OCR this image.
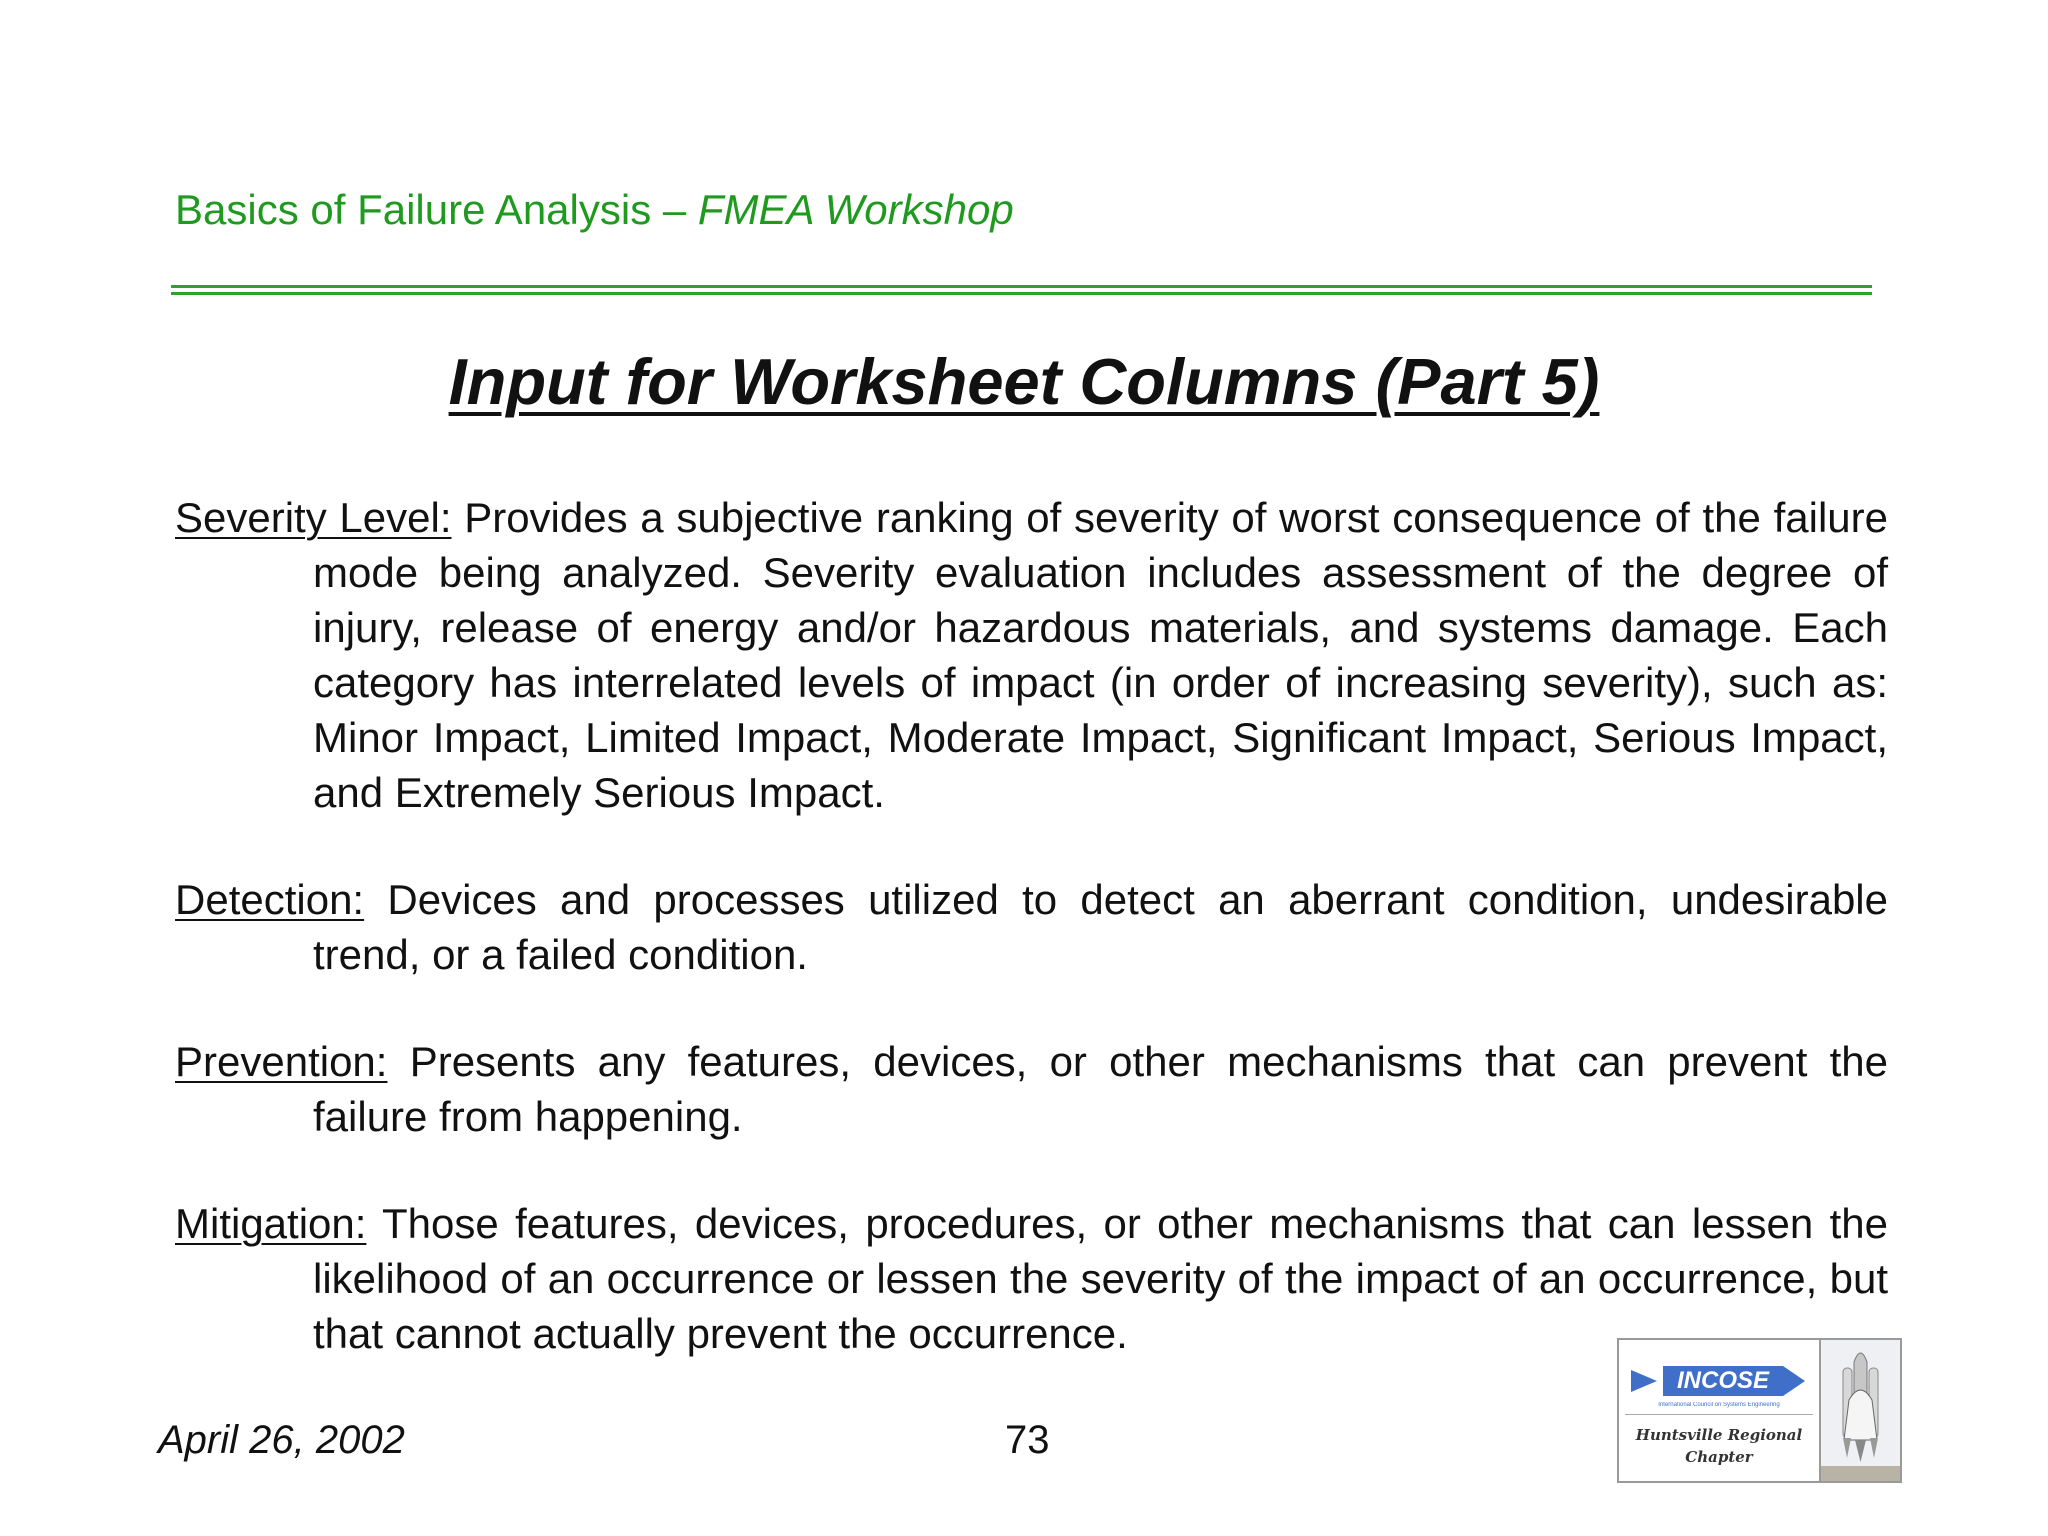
Basics of Failure Analysis – FMEA Workshop
Input for Worksheet Columns (Part 5)

Severity Level: Provides a subjective ranking of severity of worst consequence of the failure mode being analyzed. Severity evaluation includes assessment of the degree of injury, release of energy and/or hazardous materials, and systems damage. Each category has interrelated levels of impact (in order of increasing severity), such as: Minor Impact, Limited Impact, Moderate Impact, Significant Impact, Serious Impact, and Extremely Serious Impact.

Detection: Devices and processes utilized to detect an aberrant condition, undesirable trend, or a failed condition.

Prevention: Presents any features, devices, or other mechanisms that can prevent the failure from happening.

Mitigation: Those features, devices, procedures, or other mechanisms that can lessen the likelihood of an occurrence or lessen the severity of the impact of an occurrence, but that cannot actually prevent the occurrence.

April 26, 2002	73
INCOSE
International Council on Systems Engineering
Huntsville Regional
Chapter
